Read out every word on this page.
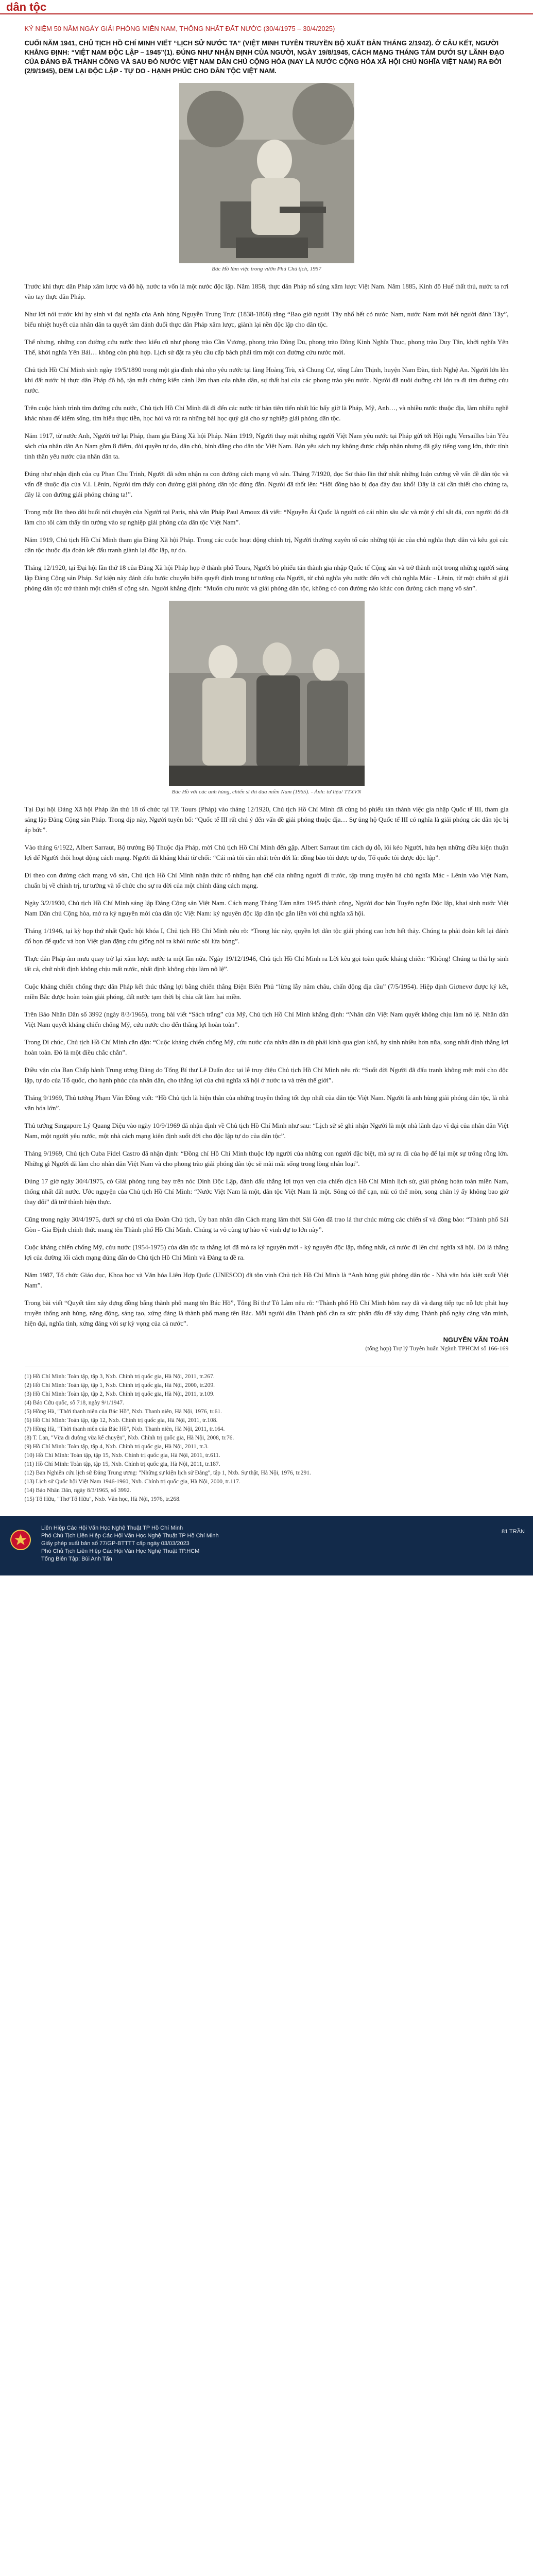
dân tộc
KỶ NIỆM 50 NĂM NGÀY GIẢI PHÓNG MIỀN NAM, THỐNG NHẤT ĐẤT NƯỚC (30/4/1975 – 30/4/2025)
CUỐI NĂM 1941, CHỦ TỊCH HỒ CHÍ MINH VIẾT “LỊCH SỬ NƯỚC TA” (VIỆT MINH TUYÊN TRUYỀN BỘ XUẤT BẢN THÁNG 2/1942). Ở CÂU KẾT, NGƯỜI KHẲNG ĐỊNH: “VIỆT NAM ĐỘC LẬP – 1945”(1). ĐÚNG NHƯ NHẬN ĐỊNH CỦA NGƯỜI, NGÀY 19/8/1945, CÁCH MẠNG THÁNG TÁM DƯỚI SỰ LÃNH ĐẠO CỦA ĐẢNG ĐÃ THÀNH CÔNG VÀ SAU ĐÓ NƯỚC VIỆT NAM DÂN CHỦ CỘNG HÒA (NAY LÀ NƯỚC CỘNG HÒA XÃ HỘI CHỦ NGHĨA VIỆT NAM) RA ĐỜI (2/9/1945), ĐEM LẠI ĐỘC LẬP - TỰ DO - HẠNH PHÚC CHO DÂN TỘC VIỆT NAM.
Bác Hồ làm việc trong vườn Phủ Chủ tịch, 1957

Trước khi thực dân Pháp xâm lược và đô hộ, nước ta vốn là một nước độc lập. Năm 1858, thực dân Pháp nổ súng xâm lược Việt Nam. Năm 1885, Kinh đô Huế thất thủ, nước ta rơi vào tay thực dân Pháp.

Như lời nói trước khi hy sinh vì đại nghĩa của Anh hùng Nguyễn Trung Trực (1838-1868) rằng “Bao giờ người Tây nhổ hết cỏ nước Nam, nước Nam mới hết người đánh Tây”, biểu nhiệt huyết của nhân dân ta quyết tâm đánh đuổi thực dân Pháp xâm lược, giành lại nền độc lập cho dân tộc.

Thế nhưng, những con đường cứu nước theo kiểu cũ như phong trào Cần Vương, phong trào Đông Du, phong trào Đông Kinh Nghĩa Thục, phong trào Duy Tân, khởi nghĩa Yên Thế, khởi nghĩa Yên Bái… không còn phù hợp. Lịch sử đặt ra yêu cầu cấp bách phải tìm một con đường cứu nước mới.

Chủ tịch Hồ Chí Minh sinh ngày 19/5/1890 trong một gia đình nhà nho yêu nước tại làng Hoàng Trù, xã Chung Cự, tổng Lâm Thịnh, huyện Nam Đàn, tỉnh Nghệ An. Người lớn lên khi đất nước bị thực dân Pháp đô hộ, tận mắt chứng kiến cảnh lầm than của nhân dân, sự thất bại của các phong trào yêu nước. Người đã nuôi dưỡng chí lớn ra đi tìm đường cứu nước.

Trên cuộc hành trình tìm đường cứu nước, Chủ tịch Hồ Chí Minh đã đi đến các nước từ bản tiên tiến nhất lúc bấy giờ là Pháp, Mỹ, Anh…, và nhiều nước thuộc địa, làm nhiều nghề khác nhau để kiếm sống, tìm hiểu thực tiễn, học hỏi và rút ra những bài học quý giá cho sự nghiệp giải phóng dân tộc.

Năm 1917, từ nước Anh, Người trở lại Pháp, tham gia Đảng Xã hội Pháp. Năm 1919, Người thay mặt những người Việt Nam yêu nước tại Pháp gửi tới Hội nghị Versailles bản Yêu sách của nhân dân An Nam gồm 8 điểm, đòi quyền tự do, dân chủ, bình đẳng cho dân tộc Việt Nam. Bản yêu sách tuy không được chấp nhận nhưng đã gây tiếng vang lớn, thức tỉnh tinh thần yêu nước của nhân dân ta.

Đúng như nhận định của cụ Phan Chu Trinh, Người đã sớm nhận ra con đường cách mạng vô sản. Tháng 7/1920, đọc Sơ thảo lần thứ nhất những luận cương về vấn đề dân tộc và vấn đề thuộc địa của V.I. Lênin, Người tìm thấy con đường giải phóng dân tộc đúng đắn. Người đã thốt lên: “Hỡi đồng bào bị đọa đày đau khổ! Đây là cái cần thiết cho chúng ta, đây là con đường giải phóng chúng ta!”.

Trong một lần theo dõi buổi nói chuyện của Người tại Paris, nhà văn Pháp Paul Arnoux đã viết: “Nguyễn Ái Quốc là người có cái nhìn sâu sắc và một ý chí sắt đá, con người đó đã làm cho tôi cảm thấy tin tưởng vào sự nghiệp giải phóng của dân tộc Việt Nam”.

Năm 1919, Chủ tịch Hồ Chí Minh tham gia Đảng Xã hội Pháp. Trong các cuộc hoạt động chính trị, Người thường xuyên tố cáo những tội ác của chủ nghĩa thực dân và kêu gọi các dân tộc thuộc địa đoàn kết đấu tranh giành lại độc lập, tự do.

Tháng 12/1920, tại Đại hội lần thứ 18 của Đảng Xã hội Pháp họp ở thành phố Tours, Người bỏ phiếu tán thành gia nhập Quốc tế Cộng sản và trở thành một trong những người sáng lập Đảng Cộng sản Pháp. Sự kiện này đánh dấu bước chuyển biến quyết định trong tư tưởng của Người, từ chủ nghĩa yêu nước đến với chủ nghĩa Mác - Lênin, từ một chiến sĩ giải phóng dân tộc trở thành một chiến sĩ cộng sản. Người khẳng định: “Muốn cứu nước và giải phóng dân tộc, không có con đường nào khác con đường cách mạng vô sản”.

Bác Hồ với các anh hùng, chiến sĩ thi đua miền Nam (1965). - Ảnh: tư liệu/ TTXVN

Tại Đại hội Đảng Xã hội Pháp lần thứ 18 tổ chức tại TP. Tours (Pháp) vào tháng 12/1920, Chủ tịch Hồ Chí Minh đã cùng bỏ phiếu tán thành việc gia nhập Quốc tế III, tham gia sáng lập Đảng Cộng sản Pháp. Trong dịp này, Người tuyên bố: “Quốc tế III rất chú ý đến vấn đề giải phóng thuộc địa… Sự ủng hộ Quốc tế III có nghĩa là giải phóng các dân tộc bị áp bức”.

Vào tháng 6/1922, Albert Sarraut, Bộ trưởng Bộ Thuộc địa Pháp, mời Chủ tịch Hồ Chí Minh đến gặp. Albert Sarraut tìm cách dụ dỗ, lôi kéo Người, hứa hẹn những điều kiện thuận lợi để Người thôi hoạt động cách mạng. Người đã khẳng khái từ chối: “Cái mà tôi cần nhất trên đời là: đồng bào tôi được tự do, Tổ quốc tôi được độc lập”.

Đi theo con đường cách mạng vô sản, Chủ tịch Hồ Chí Minh nhận thức rõ những hạn chế của những người đi trước, tập trung truyền bá chủ nghĩa Mác - Lênin vào Việt Nam, chuẩn bị về chính trị, tư tưởng và tổ chức cho sự ra đời của một chính đảng cách mạng.

Ngày 3/2/1930, Chủ tịch Hồ Chí Minh sáng lập Đảng Cộng sản Việt Nam. Cách mạng Tháng Tám năm 1945 thành công, Người đọc bản Tuyên ngôn Độc lập, khai sinh nước Việt Nam Dân chủ Cộng hòa, mở ra kỷ nguyên mới của dân tộc Việt Nam: kỷ nguyên độc lập dân tộc gắn liền với chủ nghĩa xã hội.

Tháng 1/1946, tại kỳ họp thứ nhất Quốc hội khóa I, Chủ tịch Hồ Chí Minh nêu rõ: “Trong lúc này, quyền lợi dân tộc giải phóng cao hơn hết thảy. Chúng ta phải đoàn kết lại đánh đổ bọn đế quốc và bọn Việt gian đặng cứu giống nòi ra khỏi nước sôi lửa bỏng”.

Thực dân Pháp âm mưu quay trở lại xâm lược nước ta một lần nữa. Ngày 19/12/1946, Chủ tịch Hồ Chí Minh ra Lời kêu gọi toàn quốc kháng chiến: “Không! Chúng ta thà hy sinh tất cả, chứ nhất định không chịu mất nước, nhất định không chịu làm nô lệ”.

Cuộc kháng chiến chống thực dân Pháp kết thúc thắng lợi bằng chiến thắng Điện Biên Phủ “lừng lẫy năm châu, chấn động địa cầu” (7/5/1954). Hiệp định Giơnevơ được ký kết, miền Bắc được hoàn toàn giải phóng, đất nước tạm thời bị chia cắt làm hai miền.

Trên Báo Nhân Dân số 3992 (ngày 8/3/1965), trong bài viết “Sách trắng” của Mỹ, Chủ tịch Hồ Chí Minh khẳng định: “Nhân dân Việt Nam quyết không chịu làm nô lệ. Nhân dân Việt Nam quyết kháng chiến chống Mỹ, cứu nước cho đến thắng lợi hoàn toàn”.

Trong Di chúc, Chủ tịch Hồ Chí Minh căn dặn: “Cuộc kháng chiến chống Mỹ, cứu nước của nhân dân ta dù phải kinh qua gian khổ, hy sinh nhiều hơn nữa, song nhất định thắng lợi hoàn toàn. Đó là một điều chắc chắn”.

Điều vận của Ban Chấp hành Trung ương Đảng do Tổng Bí thư Lê Duẩn đọc tại lễ truy điệu Chủ tịch Hồ Chí Minh nêu rõ: “Suốt đời Người đã đấu tranh không mệt mỏi cho độc lập, tự do của Tổ quốc, cho hạnh phúc của nhân dân, cho thắng lợi của chủ nghĩa xã hội ở nước ta và trên thế giới”.

Tháng 9/1969, Thủ tướng Phạm Văn Đồng viết: “Hồ Chủ tịch là hiện thân của những truyền thống tốt đẹp nhất của dân tộc Việt Nam. Người là anh hùng giải phóng dân tộc, là nhà văn hóa lớn”.

Thủ tướng Singapore Lý Quang Diệu vào ngày 10/9/1969 đã nhận định về Chủ tịch Hồ Chí Minh như sau: “Lịch sử sẽ ghi nhận Người là một nhà lãnh đạo vĩ đại của nhân dân Việt Nam, một người yêu nước, một nhà cách mạng kiên định suốt đời cho độc lập tự do của dân tộc”.

Tháng 9/1969, Chủ tịch Cuba Fidel Castro đã nhận định: “Đồng chí Hồ Chí Minh thuộc lớp người của những con người đặc biệt, mà sự ra đi của họ để lại một sự trống rỗng lớn. Những gì Người đã làm cho nhân dân Việt Nam và cho phong trào giải phóng dân tộc sẽ mãi mãi sống trong lòng nhân loại”.

Đúng 17 giờ ngày 30/4/1975, cờ Giải phóng tung bay trên nóc Dinh Độc Lập, đánh dấu thắng lợi trọn vẹn của chiến dịch Hồ Chí Minh lịch sử, giải phóng hoàn toàn miền Nam, thống nhất đất nước. Ước nguyện của Chủ tịch Hồ Chí Minh: “Nước Việt Nam là một, dân tộc Việt Nam là một. Sông có thể cạn, núi có thể mòn, song chân lý ấy không bao giờ thay đổi” đã trở thành hiện thực.

Cũng trong ngày 30/4/1975, dưới sự chủ trì của Đoàn Chủ tịch, Ủy ban nhân dân Cách mạng lâm thời Sài Gòn đã trao lá thư chúc mừng các chiến sĩ và đồng bào: “Thành phố Sài Gòn - Gia Định chính thức mang tên Thành phố Hồ Chí Minh. Chúng ta vô cùng tự hào về vinh dự to lớn này”.

Cuộc kháng chiến chống Mỹ, cứu nước (1954-1975) của dân tộc ta thắng lợi đã mở ra kỷ nguyên mới - kỷ nguyên độc lập, thống nhất, cả nước đi lên chủ nghĩa xã hội. Đó là thắng lợi của đường lối cách mạng đúng đắn do Chủ tịch Hồ Chí Minh và Đảng ta đề ra.

Năm 1987, Tổ chức Giáo dục, Khoa học và Văn hóa Liên Hợp Quốc (UNESCO) đã tôn vinh Chủ tịch Hồ Chí Minh là “Anh hùng giải phóng dân tộc - Nhà văn hóa kiệt xuất Việt Nam”.

Trong bài viết “Quyết tâm xây dựng đồng bằng thành phố mang tên Bác Hồ”, Tổng Bí thư Tô Lâm nêu rõ: “Thành phố Hồ Chí Minh hôm nay đã và đang tiếp tục nỗ lực phát huy truyền thống anh hùng, năng động, sáng tạo, xứng đáng là thành phố mang tên Bác. Mỗi người dân Thành phố cần ra sức phấn đấu để xây dựng Thành phố ngày càng văn minh, hiện đại, nghĩa tình, xứng đáng với sự kỳ vọng của cả nước”.

NGUYỄN VĂN TOÀN
(tổng hợp) Trợ lý Tuyên huấn Ngành TPHCM số 166-169
(1) Hồ Chí Minh: Toàn tập, tập 3, Nxb. Chính trị quốc gia, Hà Nội, 2011, tr.267.
(2) Hồ Chí Minh: Toàn tập, tập 1, Nxb. Chính trị quốc gia, Hà Nội, 2000, tr.209.
(3) Hồ Chí Minh: Toàn tập, tập 2, Nxb. Chính trị quốc gia, Hà Nội, 2011, tr.109.
(4) Báo Cứu quốc, số 718, ngày 9/1/1947.
(5) Hồng Hà, "Thời thanh niên của Bác Hồ", Nxb. Thanh niên, Hà Nội, 1976, tr.61.
(6) Hồ Chí Minh: Toàn tập, tập 12, Nxb. Chính trị quốc gia, Hà Nội, 2011, tr.108.
(7) Hồng Hà, "Thời thanh niên của Bác Hồ", Nxb. Thanh niên, Hà Nội, 2011, tr.164.
(8) T. Lan, "Vừa đi đường vừa kể chuyện", Nxb. Chính trị quốc gia, Hà Nội, 2008, tr.76.
(9) Hồ Chí Minh: Toàn tập, tập 4, Nxb. Chính trị quốc gia, Hà Nội, 2011, tr.3.
(10) Hồ Chí Minh: Toàn tập, tập 15, Nxb. Chính trị quốc gia, Hà Nội, 2011, tr.611.
(11) Hồ Chí Minh: Toàn tập, tập 15, Nxb. Chính trị quốc gia, Hà Nội, 2011, tr.187.
(12) Ban Nghiên cứu lịch sử Đảng Trung ương: "Những sự kiện lịch sử Đảng", tập 1, Nxb. Sự thật, Hà Nội, 1976, tr.291.
(13) Lịch sử Quốc hội Việt Nam 1946-1960, Nxb. Chính trị quốc gia, Hà Nội, 2000, tr.117.
(14) Báo Nhân Dân, ngày 8/3/1965, số 3992.
(15) Tố Hữu, "Thơ Tố Hữu", Nxb. Văn học, Hà Nội, 1976, tr.268.
Liên Hiệp Các Hội Văn Học Nghệ Thuật TP Hồ Chí Minh
Phó Chủ Tịch Liên Hiệp Các Hội Văn Học Nghệ Thuật TP Hồ Chí Minh
Giấy phép xuất bản số 77/GP-BTTTT cấp ngày 03/03/2023
Phó Chủ Tịch Liên Hiệp Các Hội Văn Học Nghệ Thuật TP.HCM
Tổng Biên Tập: Bùi Anh Tấn
81 TRẦN
